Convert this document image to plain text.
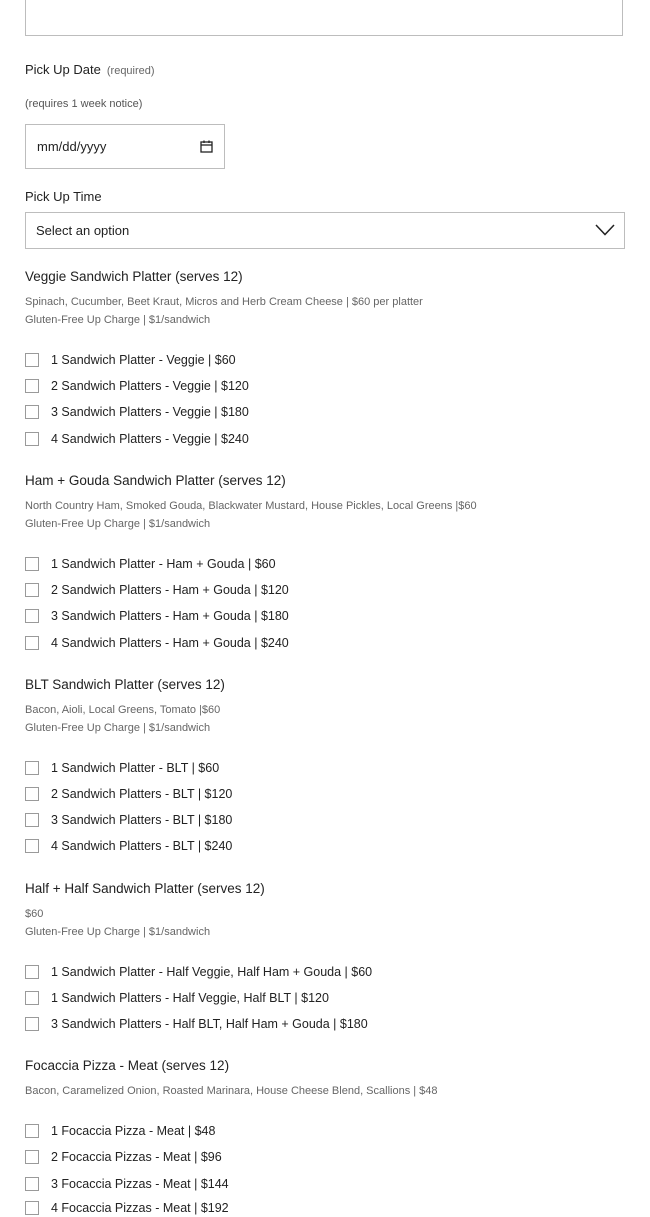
Pick Up Date (required)
(requires 1 week notice)
mm/dd/yyyy
Pick Up Time
Select an option
Veggie Sandwich Platter (serves 12)
Spinach, Cucumber, Beet Kraut, Micros and Herb Cream Cheese | $60 per platter
Gluten-Free Up Charge | $1/sandwich
1 Sandwich Platter - Veggie | $60
2 Sandwich Platters - Veggie | $120
3 Sandwich Platters - Veggie | $180
4 Sandwich Platters - Veggie | $240
Ham + Gouda Sandwich Platter (serves 12)
North Country Ham, Smoked Gouda, Blackwater Mustard, House Pickles, Local Greens |$60
Gluten-Free Up Charge | $1/sandwich
1 Sandwich Platter - Ham + Gouda | $60
2 Sandwich Platters - Ham + Gouda | $120
3 Sandwich Platters - Ham + Gouda | $180
4 Sandwich Platters - Ham + Gouda | $240
BLT Sandwich Platter (serves 12)
Bacon, Aioli, Local Greens, Tomato |$60
Gluten-Free Up Charge | $1/sandwich
1 Sandwich Platter - BLT | $60
2 Sandwich Platters - BLT | $120
3 Sandwich Platters - BLT | $180
4 Sandwich Platters - BLT | $240
Half + Half Sandwich Platter (serves 12)
$60
Gluten-Free Up Charge | $1/sandwich
1 Sandwich Platter - Half Veggie, Half Ham + Gouda | $60
1 Sandwich Platters - Half Veggie, Half BLT | $120
3 Sandwich Platters - Half BLT, Half Ham + Gouda | $180
Focaccia Pizza - Meat (serves 12)
Bacon, Caramelized Onion, Roasted Marinara, House Cheese Blend, Scallions | $48
1 Focaccia Pizza - Meat | $48
2 Focaccia Pizzas - Meat | $96
3 Focaccia Pizzas - Meat | $144
4 Focaccia Pizzas - Meat | $192
